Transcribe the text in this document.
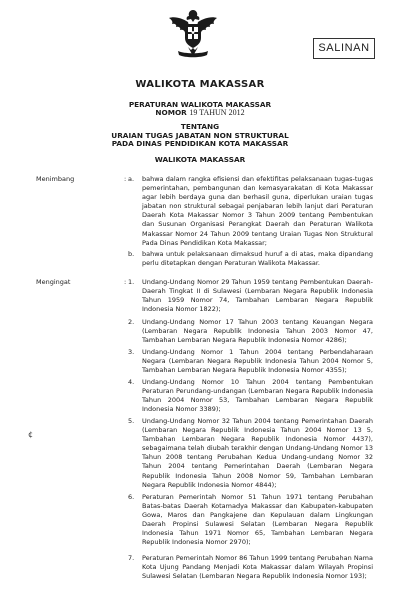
SALINAN
WALIKOTA MAKASSAR
PERATURAN WALIKOTA MAKASSAR
NOMOR 19 TAHUN 2012
TENTANG
URAIAN TUGAS JABATAN NON STRUKTURAL
PADA DINAS PENDIDIKAN KOTA MAKASSAR
WALIKOTA MAKASSAR
Menimbang	: a.	bahwa dalam rangka efisiensi dan efektifitas pelaksanaan tugas-tugas pemerintahan, pembangunan dan kemasyarakatan di Kota Makassar agar lebih berdaya guna dan berhasil guna, diperlukan uraian tugas jabatan non struktural sebagai penjabaran lebih lanjut dari Peraturan Daerah Kota Makassar Nomor 3 Tahun 2009 tentang Pembentukan dan Susunan Organisasi Perangkat Daerah dan Peraturan Walikota Makassar Nomor 24 Tahun 2009 tentang Uraian Tugas Non Struktural Pada Dinas Pendidikan Kota Makassar;
b.	bahwa untuk pelaksanaan dimaksud huruf a di atas, maka dipandang perlu ditetapkan dengan Peraturan Walikota Makassar.
Mengingat	: 1.	Undang-Undang Nomor 29 Tahun 1959 tentang Pembentukan Daerah-Daerah Tingkat II di Sulawesi (Lembaran Negara Republik Indonesia Tahun 1959 Nomor 74, Tambahan Lembaran Negara Republik Indonesia Nomor 1822);
2.	Undang-Undang Nomor 17 Tahun 2003 tentang Keuangan Negara (Lembaran Negara Republik Indonesia Tahun 2003 Nomor 47, Tambahan Lembaran Negara Republik Indonesia Nomor 4286);
3.	Undang-Undang Nomor 1 Tahun 2004 tentang Perbendaharaan Negara (Lembaran Negara Republik Indonesia Tahun 2004 Nomor 5, Tambahan Lembaran Negara Republik Indonesia Nomor 4355);
4.	Undang-Undang Nomor 10 Tahun 2004 tentang Pembentukan Peraturan Perundang-undangan (Lembaran Negara Republik Indonesia Tahun 2004 Nomor 53, Tambahan Lembaran Negara Republik Indonesia Nomor 3389);
5.	Undang-Undang Nomor 32 Tahun 2004 tentang Pemerintahan Daerah (Lembaran Negara Republik Indonesia Tahun 2004 Nomor 13 5, Tambahan Lembaran Negara Republik Indonesia Nomor 4437), sebagaimana telah diubah terakhir dengan Undang-Undang Nomor 13 Tahun 2008 tentang Perubahan Kedua Undang-undang Nomor 32 Tahun 2004 tentang Pemerintahan Daerah (Lembaran Negara Republik Indonesia Tahun 2008 Nomor 59, Tambahan Lembaran Negara Republik Indonesia Nomor 4844);
6.	Peraturan Pemerintah Nomor 51 Tahun 1971 tentang Perubahan Batas-batas Daerah Kotamadya Makassar dan Kabupaten-kabupaten Gowa, Maros dan Pangkajene dan Kepulauan dalam Lingkungan Daerah Propinsi Sulawesi Selatan (Lembaran Negara Republik Indonesia Tahun 1971 Nomor 65, Tambahan Lembaran Negara Republik Indonesia Nomor 2970);
7.	Peraturan Pemerintah Nomor 86 Tahun 1999 tentang Perubahan Nama Kota Ujung Pandang Menjadi Kota Makassar dalam Wilayah Propinsi Sulawesi Selatan (Lembaran Negara Republik Indonesia Nomor 193);
¢
